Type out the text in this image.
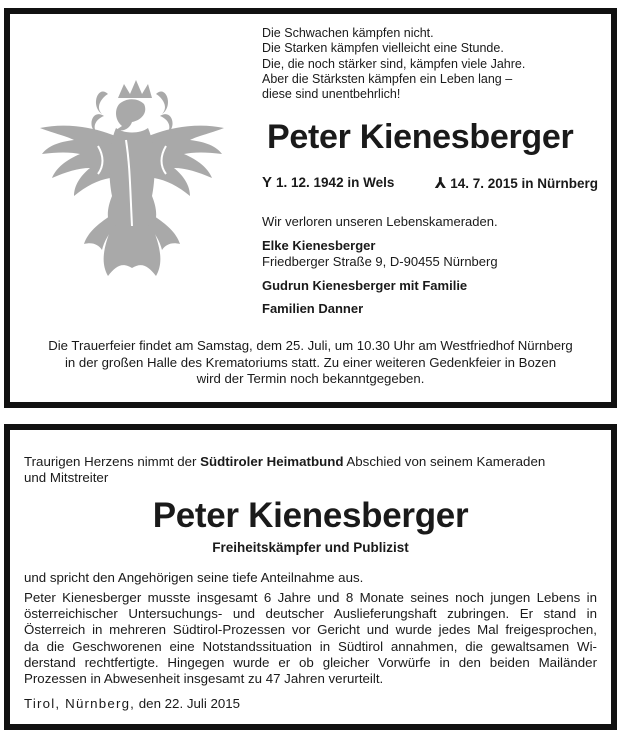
Die Schwachen kämpfen nicht.
Die Starken kämpfen vielleicht eine Stunde.
Die, die noch stärker sind, kämpfen viele Jahre.
Aber die Stärksten kämpfen ein Leben lang –
diese sind unentbehrlich!
Peter Kienesberger
Y 1. 12. 1942 in Wels	⅄ 14. 7. 2015 in Nürnberg
Wir verloren unseren Lebenskameraden.
Elke Kienesberger
Friedberger Straße 9, D-90455 Nürnberg
Gudrun Kienesberger mit Familie
Familien Danner
Die Trauerfeier findet am Samstag, dem 25. Juli, um 10.30 Uhr am Westfriedhof Nürnberg
in der großen Halle des Krematoriums statt. Zu einer weiteren Gedenkfeier in Bozen
wird der Termin noch bekanntgegeben.
Traurigen Herzens nimmt der Südtiroler Heimatbund Abschied von seinem Kameraden
und Mitstreiter
Peter Kienesberger
Freiheitskämpfer und Publizist
und spricht den Angehörigen seine tiefe Anteilnahme aus.
Peter Kienesberger musste insgesamt 6 Jahre und 8 Monate seines noch jungen Lebens in
österreichischer Untersuchungs- und deutscher Auslieferungshaft zubringen. Er stand in
Österreich in mehreren Südtirol-Prozessen vor Gericht und wurde jedes Mal freigesprochen,
da die Geschworenen eine Notstandssituation in Südtirol annahmen, die gewaltsamen Wi-
derstand rechtfertigte. Hingegen wurde er ob gleicher Vorwürfe in den beiden Mailänder
Prozessen in Abwesenheit insgesamt zu 47 Jahren verurteilt.
Tirol, Nürnberg, den 22. Juli 2015
